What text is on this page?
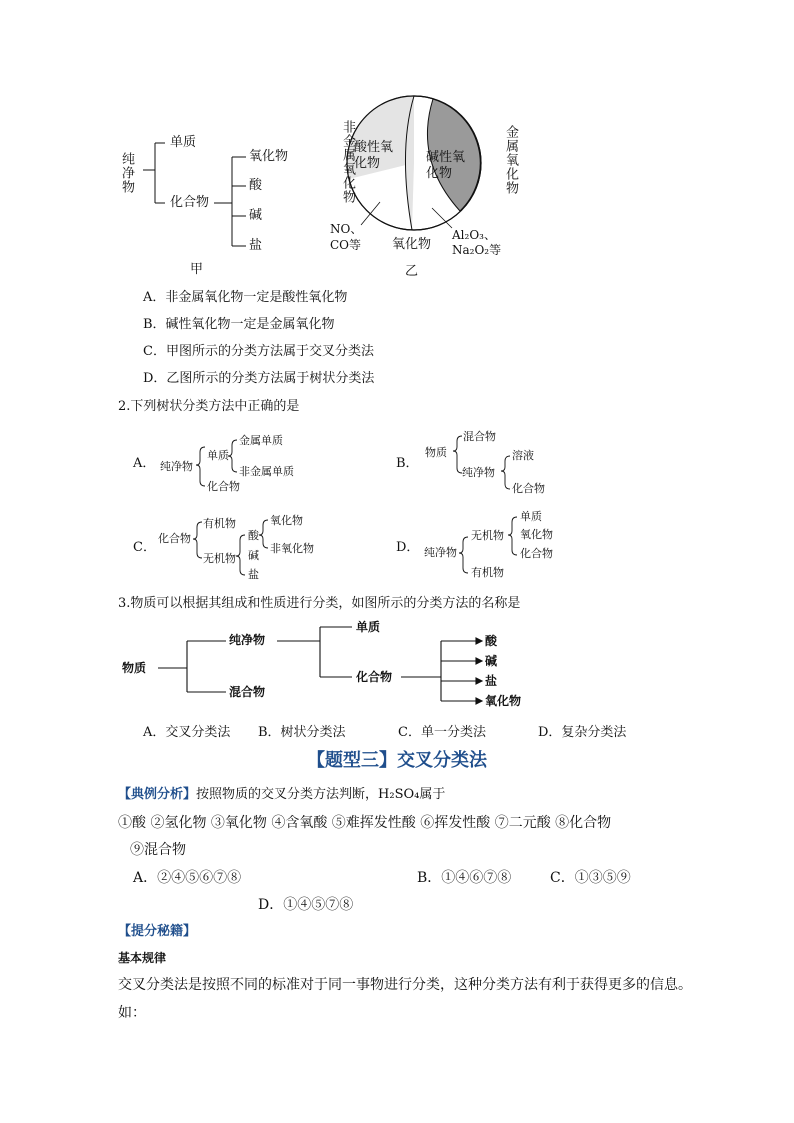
纯净物
单质
化合物
氧化物
酸
碱
盐
甲
非金属氧化物	金属氧化物
酸性氧化物	碱性氧化物
NO、CO等	氧化物
Al₂O₃、Na₂O₂等
乙
A．非金属氧化物一定是酸性氧化物
B．碱性氧化物一定是金属氧化物
C．甲图所示的分类方法属于交叉分类法
D．乙图所示的分类方法属于树状分类法
2.下列树状分类方法中正确的是
A． 纯净物
单质
化合物
金属单质
非金属单质
B．
物质
混合物
纯净物
溶液
化合物
C．
化合物
有机物
无机物
酸
碱
盐
氧化物
非氧化物	D． 纯净物
无机物
有机物
单质
氧化物
化合物
3.物质可以根据其组成和性质进行分类，如图所示的分类方法的名称是
物质
纯净物
混合物
单质
化合物
酸
碱
盐
氧化物
A．交叉分类法 B．树状分类法	C．单一分类法	D．复杂分类法
【题型三】交叉分类法
【典例分析】按照物质的交叉分类方法判断，H₂SO₄属于
①酸 ②氢化物 ③氧化物 ④含氧酸 ⑤难挥发性酸 ⑥挥发性酸 ⑦二元酸 ⑧化合物
⑨混合物
A．②④⑤⑥⑦⑧	B．①④⑥⑦⑧	C．①③⑤⑨
D．①④⑤⑦⑧
【提分秘籍】
基本规律
交叉分类法是按照不同的标准对于同一事物进行分类，这种分类方法有利于获得更多的信息。
如：
